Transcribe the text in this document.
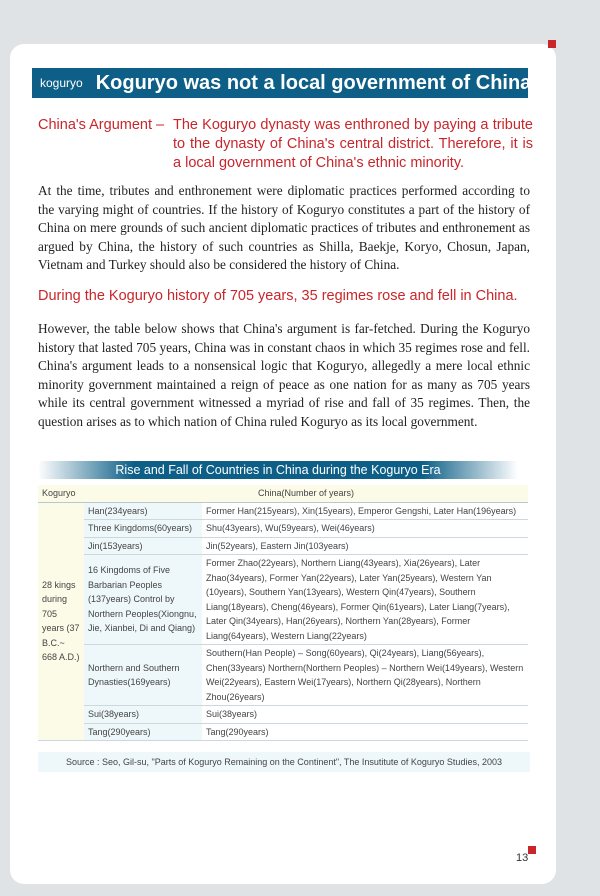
koguryo Koguryo was not a local government of China
China's Argument – The Koguryo dynasty was enthroned by paying a tribute to the dynasty of China's central district. Therefore, it is a local government of China's ethnic minority.

At the time, tributes and enthronement were diplomatic practices performed according to the varying might of countries. If the history of Koguryo constitutes a part of the history of China on mere grounds of such ancient diplomatic practices of tributes and enthronement as argued by China, the history of such countries as Shilla, Baekje, Koryo, Chosun, Japan, Vietnam and Turkey should also be considered the history of China.

During the Koguryo history of 705 years, 35 regimes rose and fell in China.

However, the table below shows that China's argument is far-fetched. During the Koguryo history that lasted 705 years, China was in constant chaos in which 35 regimes rose and fell. China's argument leads to a nonsensical logic that Koguryo, allegedly a mere local ethnic minority government maintained a reign of peace as one nation for as many as 705 years while its central government witnessed a myriad of rise and fall of 35 regimes. Then, the question arises as to which nation of China ruled Koguryo as its local government.

Rise and Fall of Countries in China during the Koguryo Era
Koguryo	China(Number of years)	
28 kings during 705 years (37 B.C.~ 668 A.D.)	Han(234years)	Former Han(215years), Xin(15years), Emperor Gengshi, Later Han(196years)
	Three Kingdoms(60years)	Shu(43years), Wu(59years), Wei(46years)
	Jin(153years)	Jin(52years), Eastern Jin(103years)
	16 Kingdoms of Five Barbarian Peoples (137years) Control by Northern Peoples(Xiongnu, Jie, Xianbei, Di and Qiang)	Former Zhao(22years), Northern Liang(43years), Xia(26years), Later Zhao(34years), Former Yan(22years), Later Yan(25years), Western Yan (10years), Southern Yan(13years), Western Qin(47years), Southern Liang(18years), Cheng(46years), Former Qin(61years), Later Liang(7years), Later Qin(34years), Han(26years), Northern Yan(28years), Former Liang(64years), Western Liang(22years)
	Northern and Southern Dynasties(169years)	Southern(Han People) – Song(60years), Qi(24years), Liang(56years), Chen(33years) Northern(Northern Peoples) – Northern Wei(149years), Western Wei(22years), Eastern Wei(17years), Northern Qi(28years), Northern Zhou(26years)
	Sui(38years)	Sui(38years)
	Tang(290years)	Tang(290years)
Source : Seo, Gil-su, "Parts of Koguryo Remaining on the Continent", The Insutitute of Koguryo Studies, 2003
13
